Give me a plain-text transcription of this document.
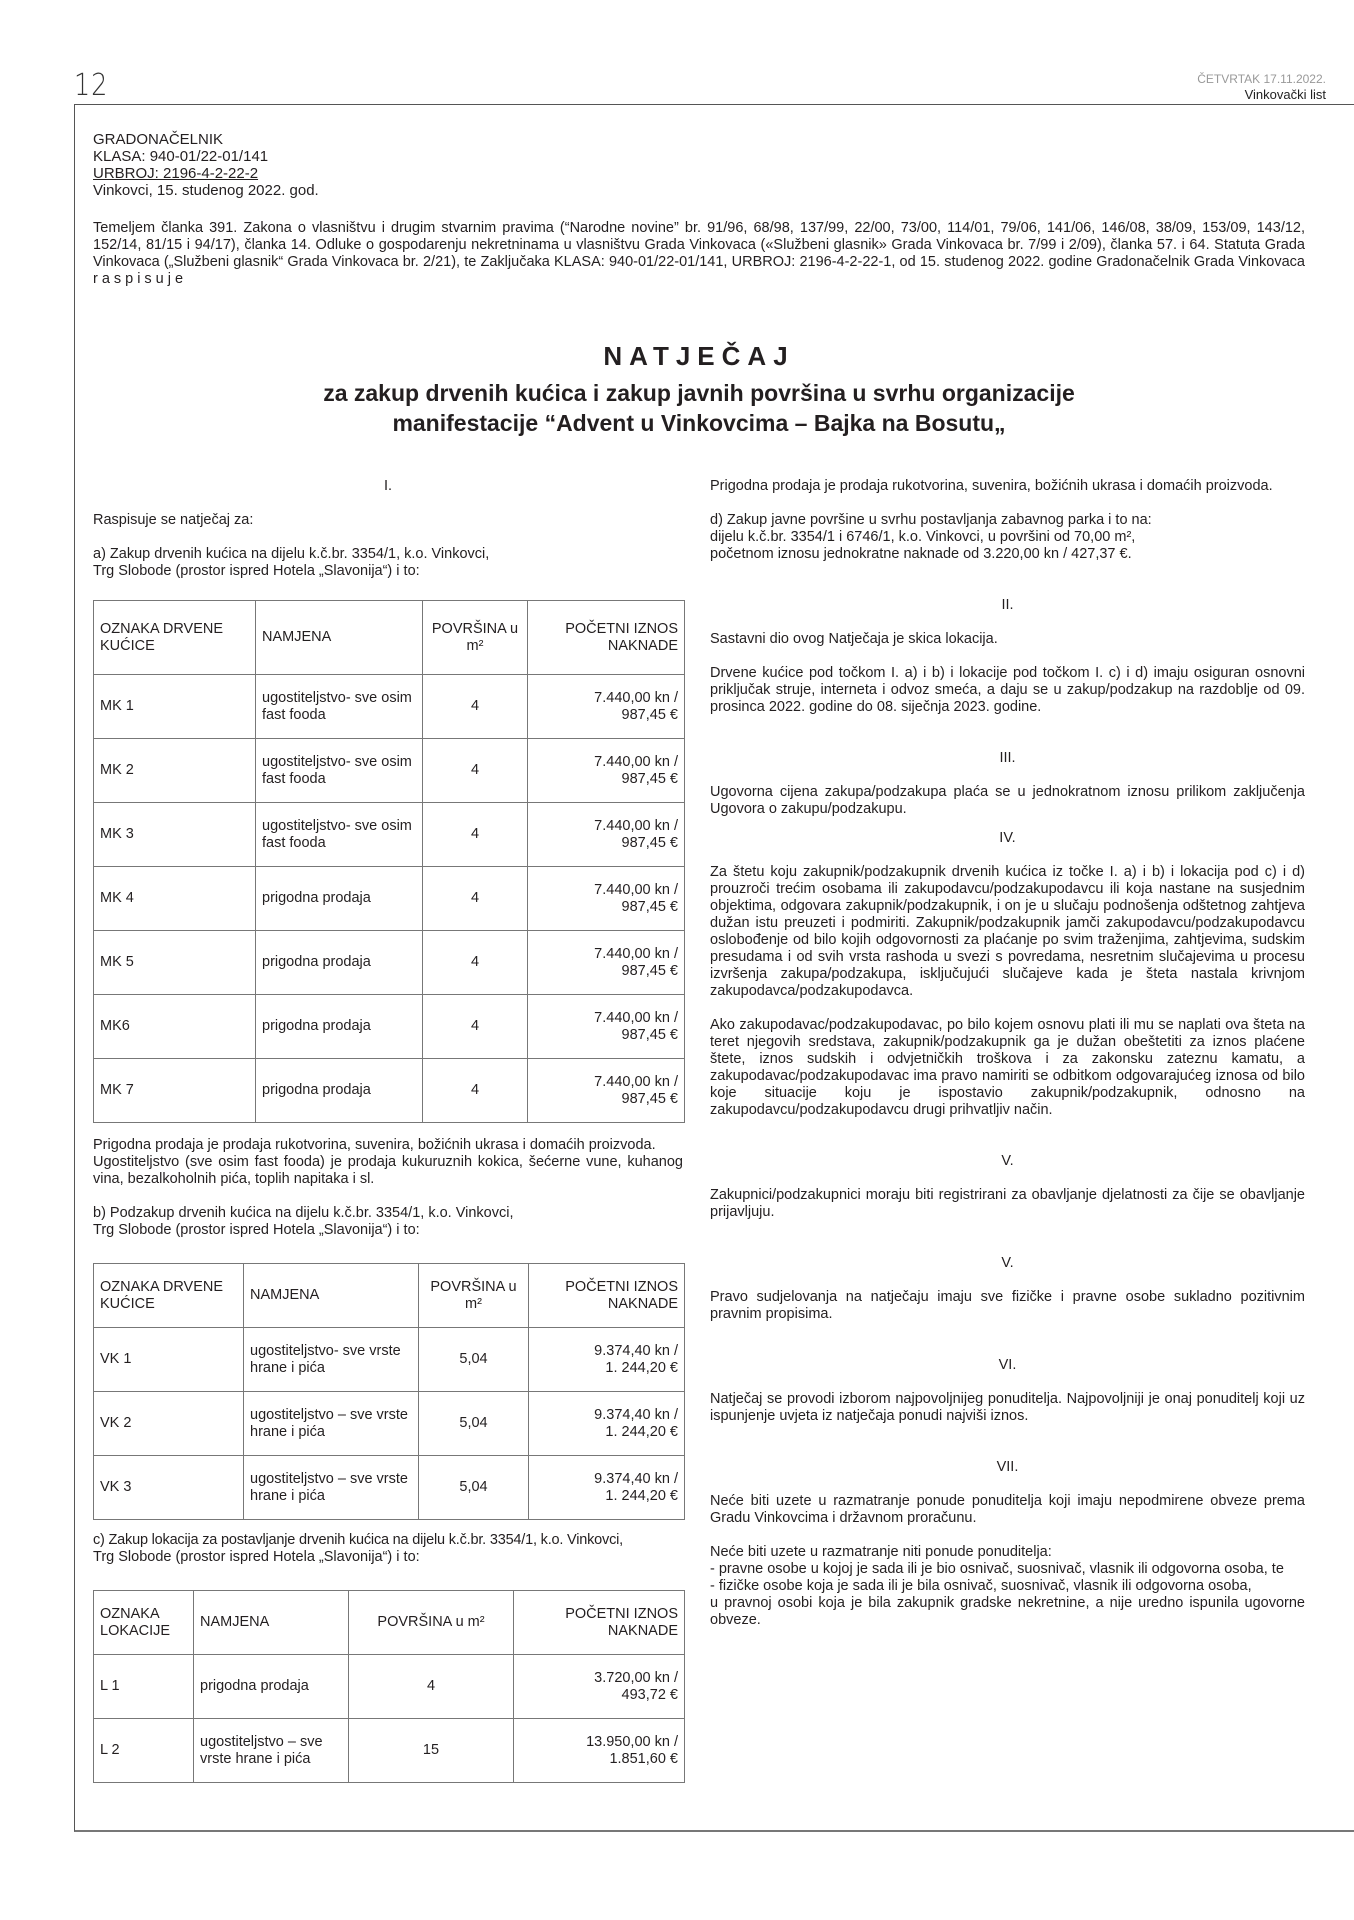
12	ČETVRTAK 17.11.2022.
Vinkovački list
GRADONAČELNIK
KLASA: 940-01/22-01/141
URBROJ: 2196-4-2-22-2
Vinkovci, 15. studenog 2022. god.
Temeljem članka 391. Zakona o vlasništvu i drugim stvarnim pravima (“Narodne novine” br. 91/96, 68/98, 137/99, 22/00, 73/00, 114/01, 79/06, 141/06, 146/08, 38/09, 153/09, 143/12, 152/14, 81/15 i 94/17), članka 14. Odluke o gospodarenju nekretninama u vlasništvu Grada Vinkovaca («Službeni glasnik» Grada Vinkovaca br. 7/99 i 2/09), članka 57. i 64. Statuta Grada Vinkovaca („Službeni glasnik“ Grada Vinkovaca br. 2/21), te Zaključaka KLASA: 940-01/22-01/141, URBROJ: 2196-4-2-22-1, od 15. studenog 2022. godine Gradonačelnik Grada Vinkovaca raspisuje
NATJEČAJ
za zakup drvenih kućica i zakup javnih površina u svrhu organizacije
manifestacije “Advent u Vinkovcima – Bajka na Bosutu„
I.

Raspisuje se natječaj za:

a) Zakup drvenih kućica na dijelu k.č.br. 3354/1, k.o. Vinkovci,
Trg Slobode (prostor ispred Hotela „Slavonija“) i to:
OZNAKA DRVENE KUĆICE	NAMJENA	POVRŠINA u m²	POČETNI IZNOS NAKNADE
MK 1	ugostiteljstvo- sve osim fast fooda	4	7.440,00 kn /
987,45 €

MK 2	ugostiteljstvo- sve osim fast fooda	4	7.440,00 kn /
987,45 €

MK 3	ugostiteljstvo- sve osim fast fooda	4	7.440,00 kn /
987,45 €

MK 4	prigodna prodaja	4	7.440,00 kn /
987,45 €

MK 5	prigodna prodaja	4	7.440,00 kn /
987,45 €

MK6	prigodna prodaja	4	7.440,00 kn /
987,45 €

MK 7	prigodna prodaja	4	7.440,00 kn /
987,45 €

Prigodna prodaja je prodaja rukotvorina, suvenira, božićnih ukrasa i domaćih proizvoda.

Ugostiteljstvo (sve osim fast fooda) je prodaja kukuruznih kokica, šećerne vune, kuhanog vina, bezalkoholnih pića, toplih napitaka i sl.

b) Podzakup drvenih kućica na dijelu k.č.br. 3354/1, k.o. Vinkovci,
Trg Slobode (prostor ispred Hotela „Slavonija“) i to:
OZNAKA DRVENE KUĆICE	NAMJENA	POVRŠINA u m²	POČETNI IZNOS NAKNADE
VK 1	ugostiteljstvo- sve vrste hrane i pića	5,04	9.374,40 kn /
1. 244,20 €

VK 2	ugostiteljstvo – sve vrste hrane i pića	5,04	9.374,40 kn /
1. 244,20 €

VK 3	ugostiteljstvo – sve vrste hrane i pića	5,04	9.374,40 kn /
1. 244,20 €
c) Zakup lokacija za postavljanje drvenih kućica na dijelu k.č.br. 3354/1, k.o. Vinkovci,
Trg Slobode (prostor ispred Hotela „Slavonija“) i to:
OZNAKA LOKACIJE	NAMJENA	POVRŠINA u m²	POČETNI IZNOS NAKNADE
L 1	prigodna prodaja	4	3.720,00 kn /
493,72 €

L 2	ugostiteljstvo – sve vrste hrane i pića	15	13.950,00 kn /
1.851,60 €

Prigodna prodaja je prodaja rukotvorina, suvenira, božićnih ukrasa i domaćih proizvoda.

d) Zakup javne površine u svrhu postavljanja zabavnog parka i to na:
dijelu k.č.br. 3354/1 i 6746/1, k.o. Vinkovci, u površini od 70,00 m²,
početnom iznosu jednokratne naknade od 3.220,00 kn / 427,37 €.
II.

Sastavni dio ovog Natječaja je skica lokacija.

Drvene kućice pod točkom I. a) i b) i lokacije pod točkom I. c) i d) imaju osiguran osnovni priključak struje, interneta i odvoz smeća, a daju se u zakup/podzakup na razdoblje od 09. prosinca 2022. godine do 08. siječnja 2023. godine.

III.

Ugovorna cijena zakupa/podzakupa plaća se u jednokratnom iznosu prilikom zaključenja Ugovora o zakupu/podzakupu.

IV.

Za štetu koju zakupnik/podzakupnik drvenih kućica iz točke I. a) i b) i lokacija pod c) i d) prouzroči trećim osobama ili zakupodavcu/podzakupodavcu ili koja nastane na susjednim objektima, odgovara zakupnik/podzakupnik, i on je u slučaju podnošenja odštetnog zahtjeva dužan istu preuzeti i podmiriti. Zakupnik/podzakupnik jamči zakupodavcu/podzakupodavcu oslobođenje od bilo kojih odgovornosti za plaćanje po svim traženjima, zahtjevima, sudskim presudama i od svih vrsta rashoda u svezi s povredama, nesretnim slučajevima u procesu izvršenja zakupa/podzakupa, isključujući slučajeve kada je šteta nastala krivnjom zakupodavca/podzakupodavca.

Ako zakupodavac/podzakupodavac, po bilo kojem osnovu plati ili mu se naplati ova šteta na teret njegovih sredstava, zakupnik/podzakupnik ga je dužan obeštetiti za iznos plaćene štete, iznos sudskih i odvjetničkih troškova i za zakonsku zateznu kamatu, a zakupodavac/podzakupodavac ima pravo namiriti se odbitkom odgovarajućeg iznosa od bilo koje situacije koju je ispostavio zakupnik/podzakupnik, odnosno na zakupodavcu/podzakupodavcu drugi prihvatljiv način.

V.

Zakupnici/podzakupnici moraju biti registrirani za obavljanje djelatnosti za čije se obavljanje prijavljuju.

V.

Pravo sudjelovanja na natječaju imaju sve fizičke i pravne osobe sukladno pozitivnim pravnim propisima.

VI.

Natječaj se provodi izborom najpovoljnijeg ponuditelja. Najpovoljniji je onaj ponuditelj koji uz ispunjenje uvjeta iz natječaja ponudi najviši iznos.

VII.

Neće biti uzete u razmatranje ponude ponuditelja koji imaju nepodmirene obveze prema Gradu Vinkovcima i državnom proračunu.

Neće biti uzete u razmatranje niti ponude ponuditelja:

- pravne osobe u kojoj je sada ili je bio osnivač, suosnivač, vlasnik ili odgovorna osoba, te

- fizičke osobe koja je sada ili je bila osnivač, suosnivač, vlasnik ili odgovorna osoba,

u pravnoj osobi koja je bila zakupnik gradske nekretnine, a nije uredno ispunila ugovorne obveze.
